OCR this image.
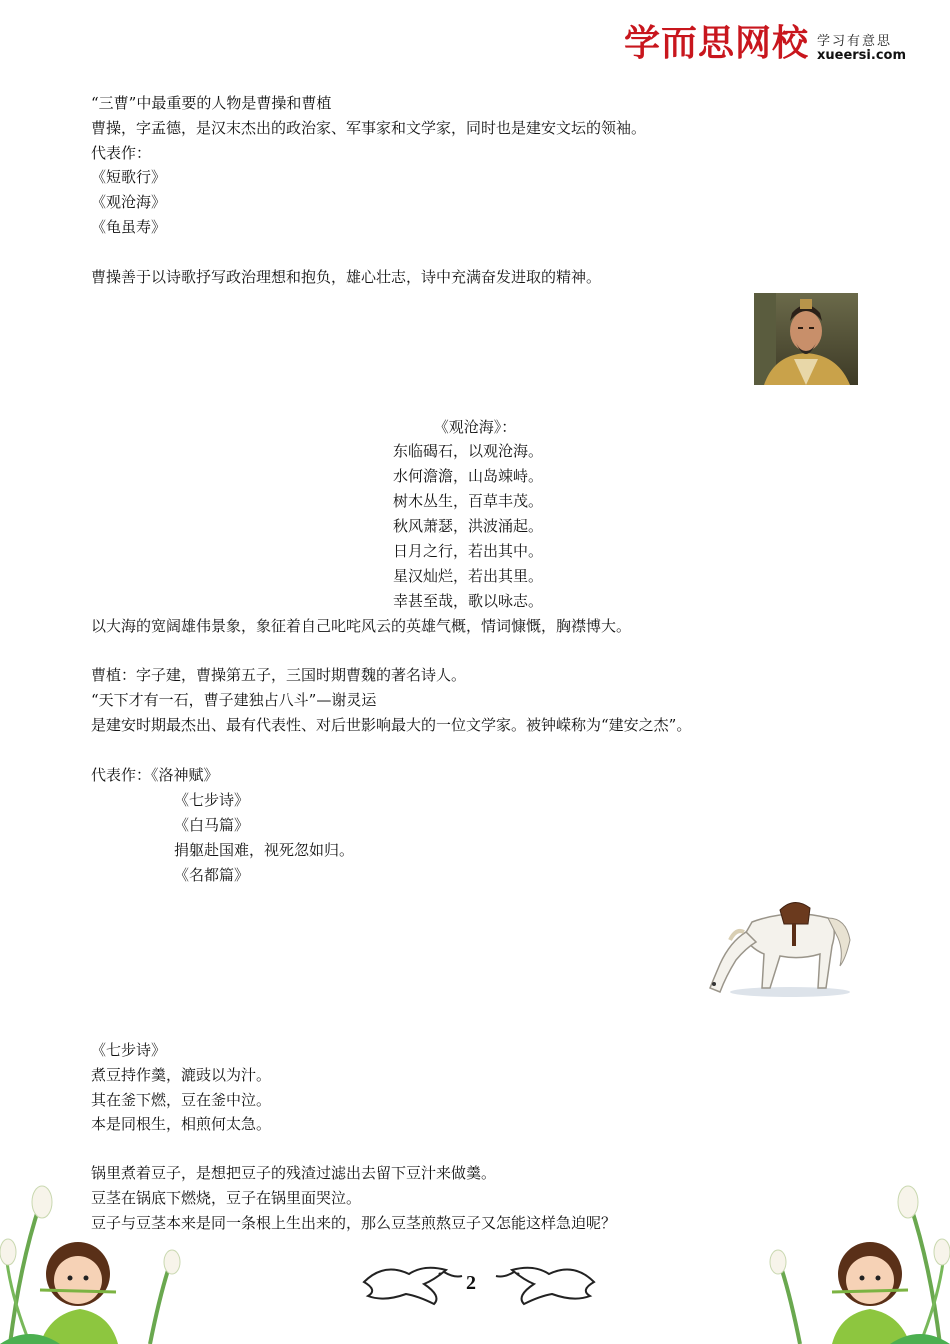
学而思网校 学习有意思
xueersi.com
“三曹”中最重要的人物是曹操和曹植
曹操，字孟德，是汉末杰出的政治家、军事家和文学家，同时也是建安文坛的领袖。
代表作：
《短歌行》
《观沧海》
《龟虽寿》
曹操善于以诗歌抒写政治理想和抱负，雄心壮志，诗中充满奋发进取的精神。
《观沧海》：
东临碣石，以观沧海。
水何澹澹，山岛竦峙。
树木丛生，百草丰茂。
秋风萧瑟，洪波涌起。
日月之行，若出其中。
星汉灿烂，若出其里。
幸甚至哉，歌以咏志。
以大海的宽阔雄伟景象，象征着自己叱咤风云的英雄气概，情词慷慨，胸襟博大。
曹植：字子建，曹操第五子，三国时期曹魏的著名诗人。
“天下才有一石，曹子建独占八斗”—谢灵运
是建安时期最杰出、最有代表性、对后世影响最大的一位文学家。被钟嵘称为“建安之杰”。
代表作：《洛神赋》
《七步诗》
《白马篇》
捐躯赴国难，视死忽如归。
《名都篇》
《七步诗》
煮豆持作羹，漉豉以为汁。
其在釜下燃，豆在釜中泣。
本是同根生，相煎何太急。
锅里煮着豆子，是想把豆子的残渣过滤出去留下豆汁来做羹。
豆茎在锅底下燃烧，豆子在锅里面哭泣。
豆子与豆茎本来是同一条根上生出来的，那么豆茎煎熬豆子又怎能这样急迫呢？
2
